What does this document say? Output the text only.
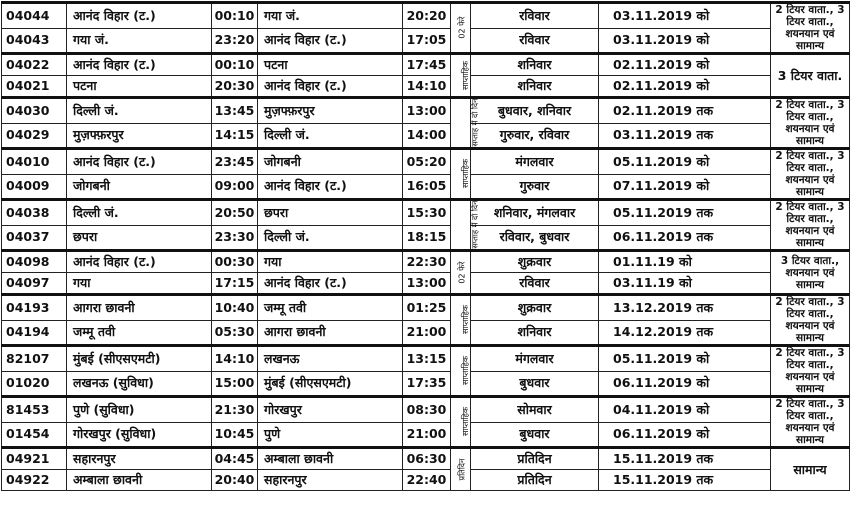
04044	आनंद विहार (ट.)	00:10	गया जं.	20:20	02 फेरे	रविवार	03.11.2019 को	2 टियर वाता., 3 टियर वाता., शयनयान एवं सामान्य
04043	गया जं.	23:20	आनंद विहार (ट.)	17:05		रविवार	03.11.2019 को	
04022	आनंद विहार (ट.)	00:10	पटना	17:45	साप्ताहिक	शनिवार	02.11.2019 को	3 टियर वाता.
04021	पटना	20:30	आनंद विहार (ट.)	14:10		शनिवार	02.11.2019 को	
04030	दिल्ली जं.	13:45	मुज़फ्फ़रपुर	13:00	सप्ताह में दो दिन	बुधवार, शनिवार	02.11.2019 तक	2 टियर वाता., 3 टियर वाता., शयनयान एवं सामान्य
04029	मुज़फ्फ़रपुर	14:15	दिल्ली जं.	14:00		गुरुवार, रविवार	03.11.2019 तक	
04010	आनंद विहार (ट.)	23:45	जोगबनी	05:20	साप्ताहिक	मंगलवार	05.11.2019 को	2 टियर वाता., 3 टियर वाता., शयनयान एवं सामान्य
04009	जोगबनी	09:00	आनंद विहार (ट.)	16:05		गुरुवार	07.11.2019 को	
04038	दिल्ली जं.	20:50	छपरा	15:30	सप्ताह में दो दिन	शनिवार, मंगलवार	05.11.2019 तक	2 टियर वाता., 3 टियर वाता., शयनयान एवं सामान्य
04037	छपरा	23:30	दिल्ली जं.	18:15		रविवार, बुधवार	06.11.2019 तक	
04098	आनंद विहार (ट.)	00:30	गया	22:30	02 फेरे	शुक्रवार	01.11.19 को	3 टियर वाता., शयनयान एवं सामान्य
04097	गया	17:15	आनंद विहार (ट.)	13:00		रविवार	03.11.19 को	
04193	आगरा छावनी	10:40	जम्मू तवी	01:25	साप्ताहिक	शुक्रवार	13.12.2019 तक	2 टियर वाता., 3 टियर वाता., शयनयान एवं सामान्य
04194	जम्मू तवी	05:30	आगरा छावनी	21:00		शनिवार	14.12.2019 तक	
82107	मुंबई (सीएसएमटी)	14:10	लखनऊ	13:15	साप्ताहिक	मंगलवार	05.11.2019 को	2 टियर वाता., 3 टियर वाता., शयनयान एवं सामान्य
01020	लखनऊ (सुविधा)	15:00	मुंबई (सीएसएमटी)	17:35		बुधवार	06.11.2019 को	
81453	पुणे (सुविधा)	21:30	गोरखपुर	08:30	साप्ताहिक	सोमवार	04.11.2019 को	2 टियर वाता., 3 टियर वाता., शयनयान एवं सामान्य
01454	गोरखपुर (सुविधा)	10:45	पुणे	21:00		बुधवार	06.11.2019 को	
04921	सहारनपुर	04:45	अम्बाला छावनी	06:30	प्रतिदिन	प्रतिदिन	15.11.2019 तक	सामान्य
04922	अम्बाला छावनी	20:40	सहारनपुर	22:40		प्रतिदिन	15.11.2019 तक	
